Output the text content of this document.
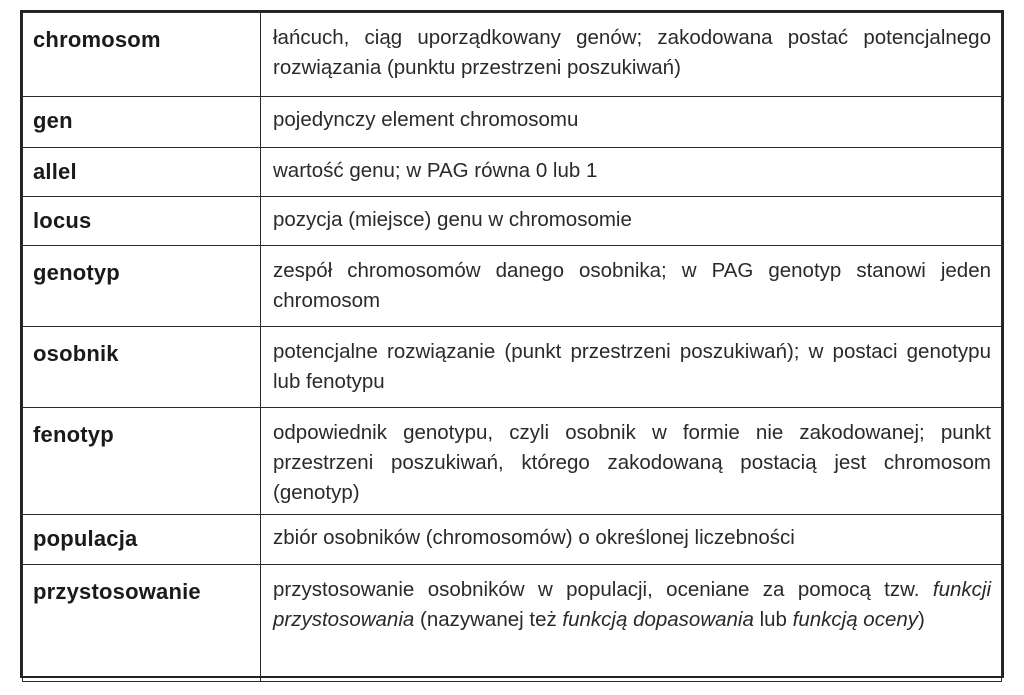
chromosom	łańcuch, ciąg uporządkowany genów; zakodowana postać potencjalnego rozwiązania (punktu przestrzeni poszukiwań)
gen	pojedynczy element chromosomu
allel	wartość genu; w PAG równa 0 lub 1
locus	pozycja (miejsce) genu w chromosomie
genotyp	zespół chromosomów danego osobnika; w PAG genotyp stanowi jeden chromosom
osobnik	potencjalne rozwiązanie (punkt przestrzeni poszukiwań); w postaci genotypu lub fenotypu
fenotyp	odpowiednik genotypu, czyli osobnik w formie nie zakodowanej; punkt przestrzeni poszukiwań, którego zakodowaną postacią jest chromosom (genotyp)
populacja	zbiór osobników (chromosomów) o określonej liczebności
przystosowanie	przystosowanie osobników w populacji, oceniane za pomocą tzw. funkcji przystosowania (nazywanej też funkcją dopasowania lub funkcją oceny)
